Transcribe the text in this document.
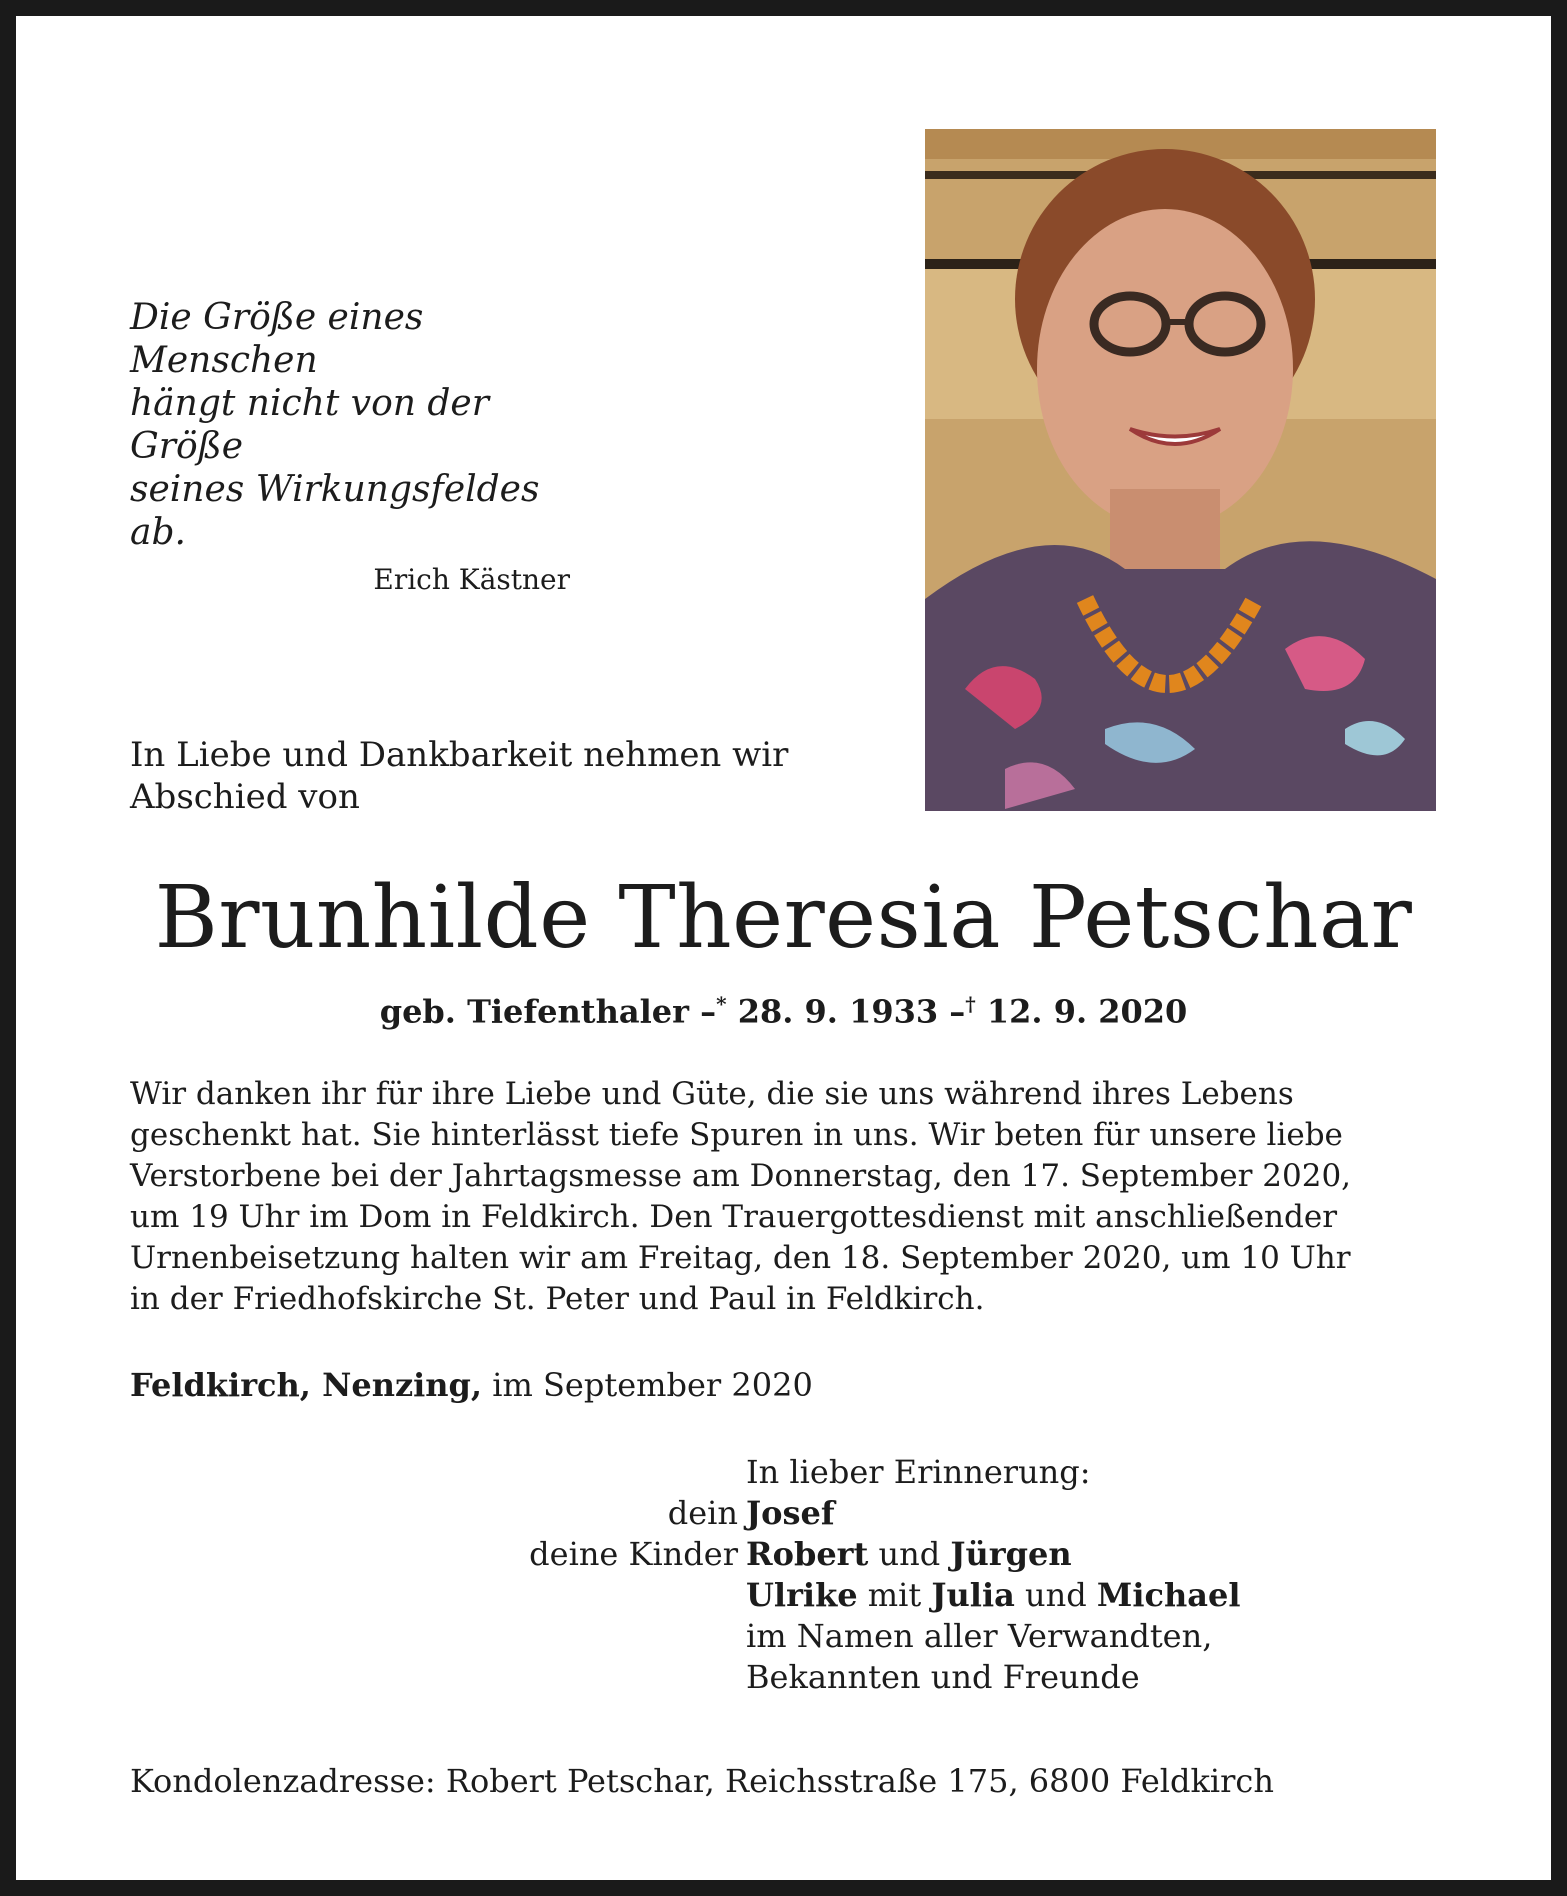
Die Größe eines Menschen
hängt nicht von der Größe
seines Wirkungsfeldes ab.
Erich Kästner
In Liebe und Dankbarkeit nehmen wir
Abschied von
Brunhilde Theresia Petschar
geb. Tiefenthaler –* 28. 9. 1933 –† 12. 9. 2020
Wir danken ihr für ihre Liebe und Güte, die sie uns während ihres Lebens
geschenkt hat. Sie hinterlässt tiefe Spuren in uns. Wir beten für unsere liebe
Verstorbene bei der Jahrtagsmesse am Donnerstag, den 17. September 2020,
um 19 Uhr im Dom in Feldkirch. Den Trauergottesdienst mit anschließender
Urnenbeisetzung halten wir am Freitag, den 18. September 2020, um 10 Uhr
in der Friedhofskirche St. Peter und Paul in Feldkirch.
Feldkirch, Nenzing, im September 2020
In lieber Erinnerung:
dein Josef
deine Kinder Robert und Jürgen
Ulrike mit Julia und Michael
im Namen aller Verwandten,
Bekannten und Freunde
Kondolenzadresse: Robert Petschar, Reichsstraße 175, 6800 Feldkirch
